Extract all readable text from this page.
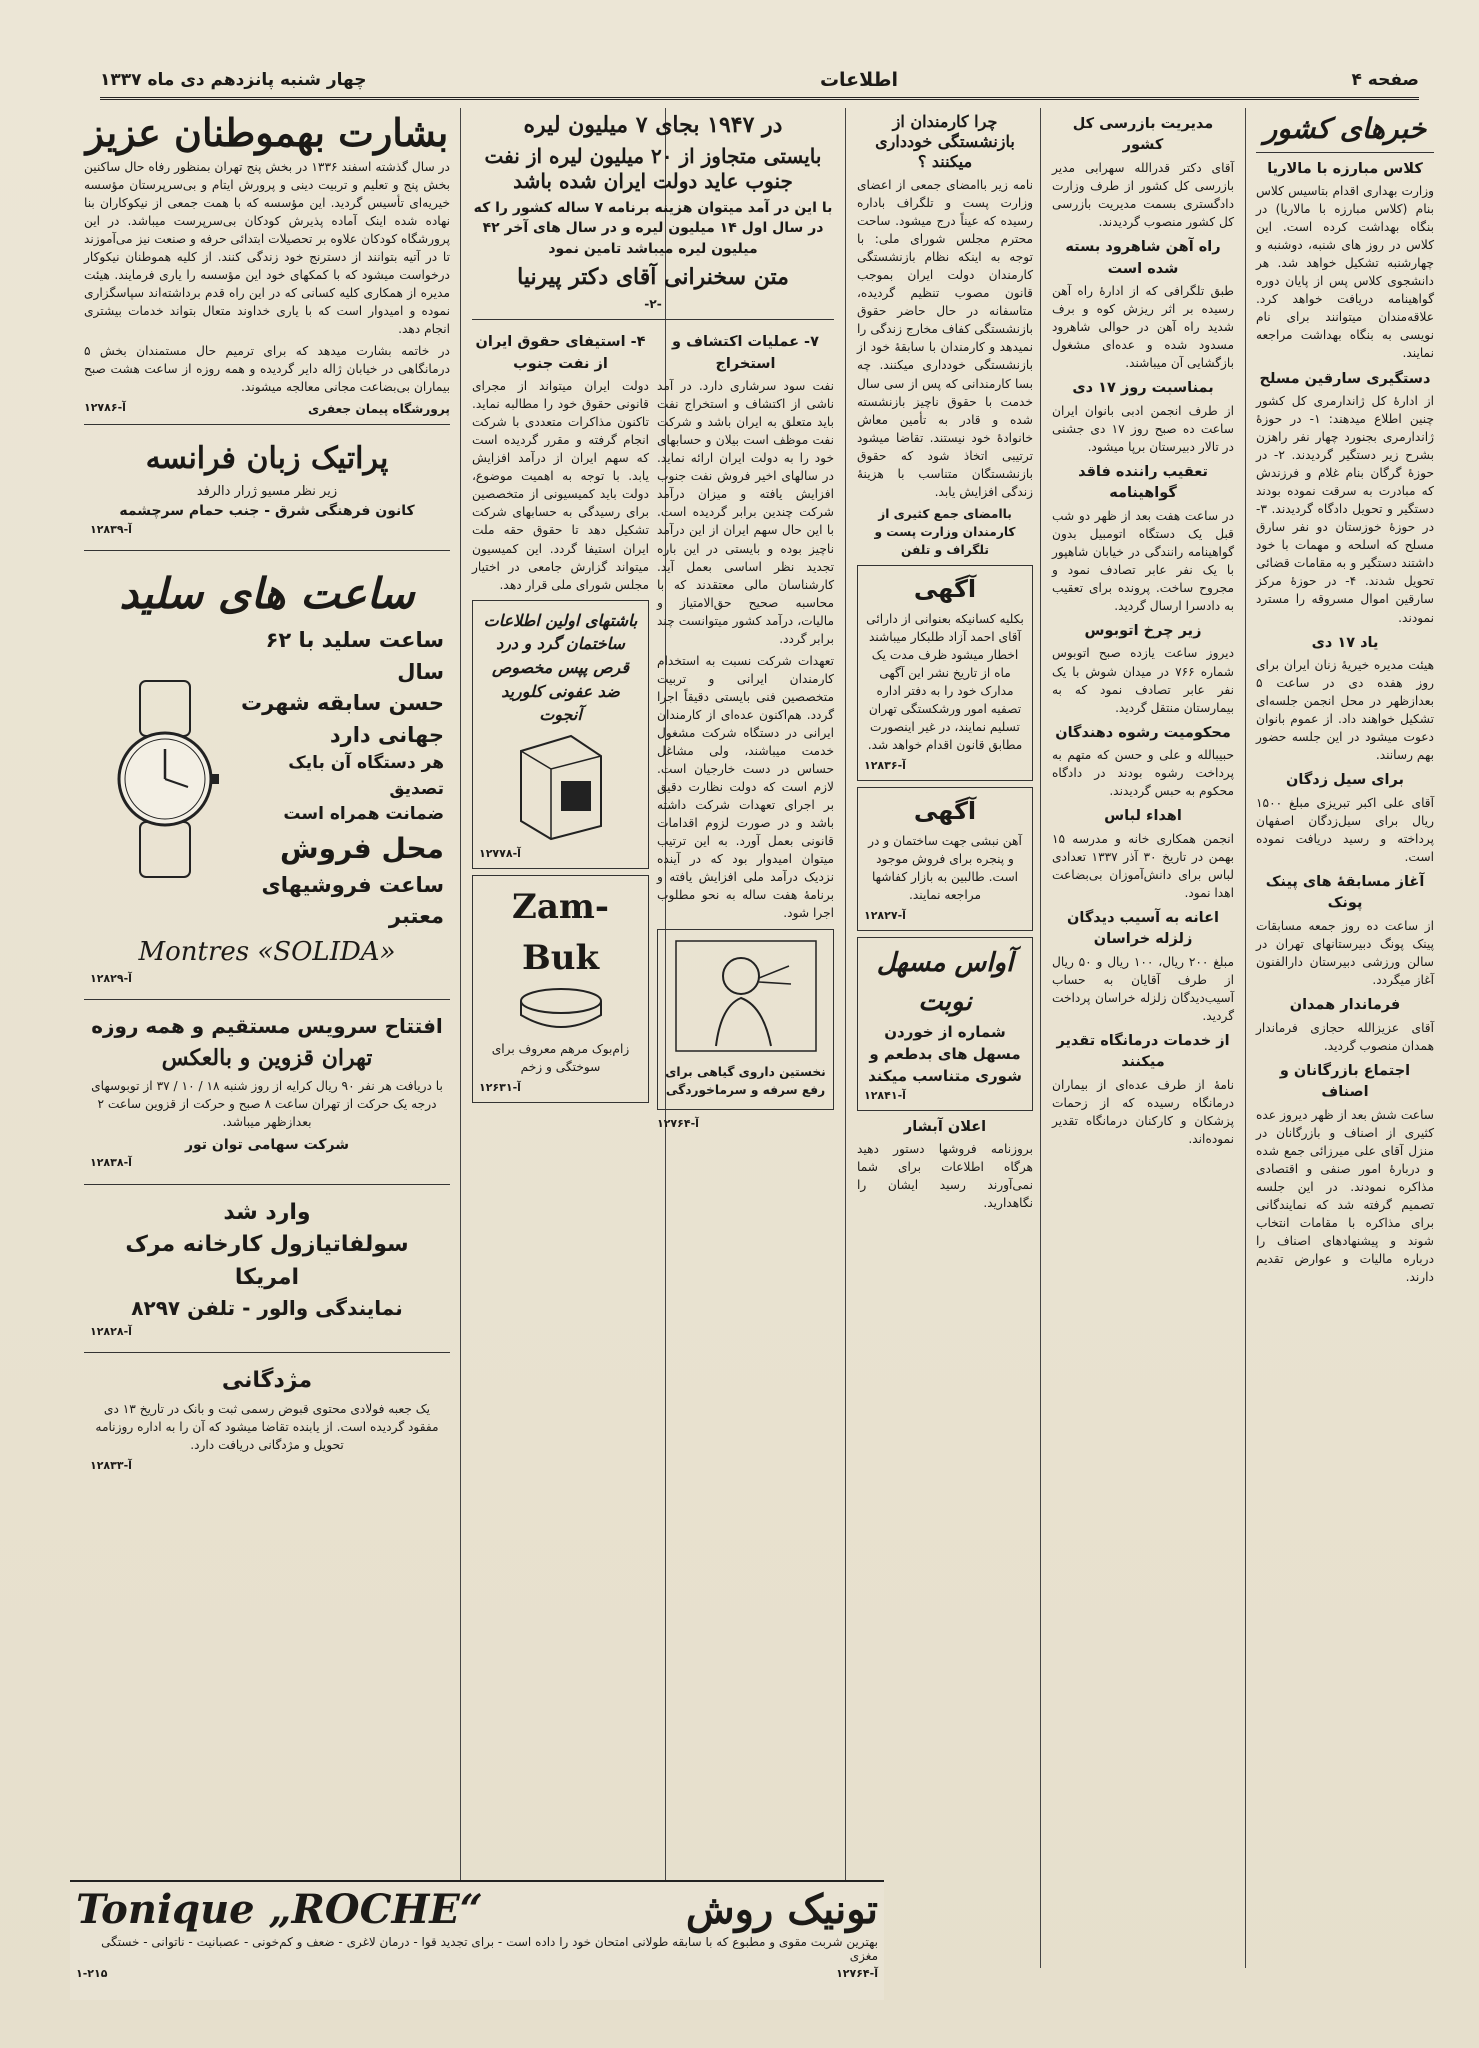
صفحه ۴
اطلاعات
چهار شنبه پانزدهم دی ماه ۱۳۳۷
خبرهای کشور
کلاس مبارزه با مالاریا

وزارت بهداری اقدام بتاسیس کلاس بنام (کلاس مبارزه با مالاریا) در بنگاه بهداشت کرده است. این کلاس در روز های شنبه، دوشنبه و چهارشنبه تشکیل خواهد شد. هر دانشجوی کلاس پس از پایان دوره گواهینامه دریافت خواهد کرد. علاقه‌مندان میتوانند برای نام نویسی به بنگاه بهداشت مراجعه نمایند.

دستگیری سارقین مسلح

از ادارهٔ کل ژاندارمری کل کشور چنین اطلاع میدهند: ۱- در حوزهٔ ژاندارمری بجنورد چهار نفر راهزن بشرح زیر دستگیر گردیدند. ۲- در حوزهٔ گرگان بنام غلام و فرزندش که مبادرت به سرقت نموده بودند دستگیر و تحویل دادگاه گردیدند. ۳- در حوزهٔ خوزستان دو نفر سارق مسلح که اسلحه و مهمات با خود داشتند دستگیر و به مقامات قضائی تحویل شدند. ۴- در حوزهٔ مرکز سارقین اموال مسروقه را مسترد نمودند.

یاد ۱۷ دی

هیئت مدیره خیریهٔ زنان ایران برای روز هفده دی در ساعت ۵ بعدازظهر در محل انجمن جلسه‌ای تشکیل خواهند داد. از عموم بانوان دعوت میشود در این جلسه حضور بهم رسانند.

برای سیل زدگان

آقای علی اکبر تبریزی مبلغ ۱۵۰۰ ریال برای سیل‌زدگان اصفهان پرداخته و رسید دریافت نموده است.

آغاز مسابقهٔ های پینک پونک

از ساعت ده روز جمعه مسابقات پینک پونگ دبیرستانهای تهران در سالن ورزشی دبیرستان دارالفنون آغاز میگردد.

فرماندار همدان

آقای عزیزالله حجازی فرماندار همدان منصوب گردید.

اجتماع بازرگانان و اصناف

ساعت شش بعد از ظهر دیروز عده کثیری از اصناف و بازرگانان در منزل آقای علی میرزائی جمع شده و دربارهٔ امور صنفی و اقتصادی مذاکره نمودند. در این جلسه تصمیم گرفته شد که نمایندگانی برای مذاکره با مقامات انتخاب شوند و پیشنهادهای اصناف را درباره مالیات و عوارض تقدیم دارند.

مدیریت بازرسی کل کشور

آقای دکتر قدرالله سهرابی مدیر بازرسی کل کشور از طرف وزارت دادگستری بسمت مدیریت بازرسی کل کشور منصوب گردیدند.

راه آهن شاهرود بسته شده است

طبق تلگرافی که از ادارهٔ راه آهن رسیده بر اثر ریزش کوه و برف شدید راه آهن در حوالی شاهرود مسدود شده و عده‌ای مشغول بازگشایی آن میباشند.

بمناسبت روز ۱۷ دی

از طرف انجمن ادبی بانوان ایران ساعت ده صبح روز ۱۷ دی جشنی در تالار دبیرستان برپا میشود.

تعقیب راننده فاقد گواهینامه

در ساعت هفت بعد از ظهر دو شب قبل یک دستگاه اتومبیل بدون گواهینامه رانندگی در خیابان شاهپور با یک نفر عابر تصادف نمود و مجروح ساخت. پرونده برای تعقیب به دادسرا ارسال گردید.

زیر چرخ اتوبوس

دیروز ساعت یازده صبح اتوبوس شماره ۷۶۶ در میدان شوش با یک نفر عابر تصادف نمود که به بیمارستان منتقل گردید.

محکومیت رشوه دهندگان

حبیبالله و علی و حسن که متهم به پرداخت رشوه بودند در دادگاه محکوم به حبس گردیدند.

اهداء لباس

انجمن همکاری خانه و مدرسه ۱۵ بهمن در تاریخ ۳۰ آذر ۱۳۳۷ تعدادی لباس برای دانش‌آموزان بی‌بضاعت اهدا نمود.

اعانه به آسیب دیدگان زلزله خراسان

مبلغ ۲۰۰ ریال، ۱۰۰ ریال و ۵۰ ریال از طرف آقایان به حساب آسیب‌دیدگان زلزله خراسان پرداخت گردید.

از خدمات درمانگاه تقدیر میکنند

نامهٔ از طرف عده‌ای از بیماران درمانگاه رسیده که از زحمات پزشکان و کارکنان درمانگاه تقدیر نموده‌اند.

چرا کارمندان از بازنشستگی خودداری میکنند ؟

نامه زیر باامضای جمعی از اعضای وزارت پست و تلگراف باداره رسیده که عیناً درج میشود. ساحت محترم مجلس شورای ملی: با توجه به اینکه نظام بازنشستگی کارمندان دولت ایران بموجب قانون مصوب تنظیم گردیده، متاسفانه در حال حاضر حقوق بازنشستگی کفاف مخارج زندگی را نمیدهد و کارمندان با سابقهٔ خود از بازنشستگی خودداری میکنند. چه بسا کارمندانی که پس از سی سال خدمت با حقوق ناچیز بازنشسته شده و قادر به تأمین معاش خانوادهٔ خود نیستند. تقاضا میشود ترتیبی اتخاذ شود که حقوق بازنشستگان متناسب با هزینهٔ زندگی افزایش یابد.

باامضای جمع کثیری از کارمندان وزارت پست و تلگراف و تلفن

آگهی

بکلیه کسانیکه بعنوانی از دارائی آقای احمد آزاد طلبکار میباشند اخطار میشود ظرف مدت یک ماه از تاریخ نشر این آگهی مدارک خود را به دفتر اداره تصفیه امور ورشکستگی تهران تسلیم نمایند، در غیر اینصورت مطابق قانون اقدام خواهد شد.

آ-۱۲۸۳۶
آگهی

آهن نبشی جهت ساختمان و در و پنجره برای فروش موجود است. طالبین به بازار کفاشها مراجعه نمایند.

آ-۱۲۸۲۷
آواس مسهل نوبت
شماره از خوردن مسهل های بدطعم و شوری متناسب میکند
آ-۱۲۸۴۱
اعلان آبشار

بروزنامه فروشها دستور دهید هرگاه اطلاعات برای شما نمی‌آورند رسید ایشان را نگاهدارید.

در ۱۹۴۷ بجای ۷ میلیون لیره
بایستی متجاوز از ۲۰ میلیون لیره از نفت جنوب عاید دولت ایران شده باشد

با این در آمد میتوان هزینه برنامه ۷ ساله کشور را که در سال اول ۱۴ میلیون لیره و در سال های آخر ۴۲ میلیون لیره میباشد تامین نمود

متن سخنرانی آقای دکتر پیرنیا
-۲-
۷- عملیات اکتشاف و استخراج

نفت سود سرشاری دارد. در آمد ناشی از اکتشاف و استخراج نفت باید متعلق به ایران باشد و شرکت نفت موظف است بیلان و حسابهای خود را به دولت ایران ارائه نماید. در سالهای اخیر فروش نفت جنوب افزایش یافته و میزان درآمد شرکت چندین برابر گردیده است. با این حال سهم ایران از این درآمد ناچیز بوده و بایستی در این باره تجدید نظر اساسی بعمل آید. کارشناسان مالی معتقدند که با محاسبه صحیح حق‌الامتیاز و مالیات، درآمد کشور میتوانست چند برابر گردد.

تعهدات شرکت نسبت به استخدام کارمندان ایرانی و تربیت متخصصین فنی بایستی دقیقاً اجرا گردد. هم‌اکنون عده‌ای از کارمندان ایرانی در دستگاه شرکت مشغول خدمت میباشند، ولی مشاغل حساس در دست خارجیان است. لازم است که دولت نظارت دقیق بر اجرای تعهدات شرکت داشته باشد و در صورت لزوم اقدامات قانونی بعمل آورد. به این ترتیب میتوان امیدوار بود که در آینده نزدیک درآمد ملی افزایش یافته و برنامهٔ هفت ساله به نحو مطلوب اجرا شود.

نخستین داروی گیاهی برای رفع سرفه و سرماخوردگی

آ-۱۲۷۶۴
۴- استیفای حقوق ایران از نفت جنوب

دولت ایران میتواند از مجرای قانونی حقوق خود را مطالبه نماید. تاکنون مذاکرات متعددی با شرکت انجام گرفته و مقرر گردیده است که سهم ایران از درآمد افزایش یابد. با توجه به اهمیت موضوع، دولت باید کمیسیونی از متخصصین برای رسیدگی به حسابهای شرکت تشکیل دهد تا حقوق حقه ملت ایران استیفا گردد. این کمیسیون میتواند گزارش جامعی در اختیار مجلس شورای ملی قرار دهد.

باشتهای اولین اطلاعات ساختمان گرد و درد قرص پپس مخصوص ضد عفونی کلورید آنجوت

آ-۱۲۷۷۸
Zam-Buk

زام‌بوک مرهم معروف برای سوختگی و زخم

آ-۱۲۶۳۱
بشارت بهموطنان عزیز

در سال گذشته اسفند ۱۳۳۶ در بخش پنج تهران بمنظور رفاه حال ساکنین بخش پنج و تعلیم و تربیت دینی و پرورش ایتام و بی‌سرپرستان مؤسسه خیریه‌ای تأسیس گردید. این مؤسسه که با همت جمعی از نیکوکاران بنا نهاده شده اینک آماده پذیرش کودکان بی‌سرپرست میباشد. در این پرورشگاه کودکان علاوه بر تحصیلات ابتدائی حرفه و صنعت نیز می‌آموزند تا در آتیه بتوانند از دسترنج خود زندگی کنند. از کلیه هموطنان نیکوکار درخواست میشود که با کمکهای خود این مؤسسه را یاری فرمایند. هیئت مدیره از همکاری کلیه کسانی که در این راه قدم برداشته‌اند سپاسگزاری نموده و امیدوار است که با یاری خداوند متعال بتواند خدمات بیشتری انجام دهد.

در خاتمه بشارت میدهد که برای ترمیم حال مستمندان بخش ۵ درمانگاهی در خیابان ژاله دایر گردیده و همه روزه از ساعت هشت صبح بیماران بی‌بضاعت مجانی معالجه میشوند.

پرورشگاه پیمان جعفری
آ-۱۲۷۸۶
پراتیک زبان فرانسه
زیر نظر مسیو ژرار دالرفد
کانون فرهنگی شرق - جنب حمام سرچشمه
آ-۱۲۸۳۹
ساعت های سلید
ساعت سلید با ۶۲ سال
حسن سابقه شهرت
جهانی دارد
هر دستگاه آن بایک تصدیق
ضمانت همراه است
محل فروش
ساعت فروشیهای معتبر
Montres «SOLIDA»
آ-۱۲۸۲۹
افتتاح سرویس مستقیم و همه روزه
تهران قزوین و بالعکس

با دریافت هر نفر ۹۰ ریال کرایه از روز شنبه ۱۸ / ۱۰ / ۳۷ از توبوسهای درجه یک حرکت از تهران ساعت ۸ صبح و حرکت از قزوین ساعت ۲ بعدازظهر میباشد.

شرکت سهامی توان تور
آ-۱۲۸۳۸
وارد شد
سولفاتیازول کارخانه مرک امریکا
نمایندگی والور - تلفن ۸۲۹۷
آ-۱۲۸۲۸
مژدگانی

یک جعبه فولادی محتوی قبوض رسمی ثبت و بانک در تاریخ ۱۳ دی مفقود گردیده است. از یابنده تقاضا میشود که آن را به اداره روزنامه تحویل و مژدگانی دریافت دارد.

آ-۱۲۸۳۳
تونیک روش
Tonique „ROCHE“

بهترین شربت مقوی و مطبوع که با سابقه طولانی امتحان خود را داده است - برای تجدید قوا - درمان لاغری - ضعف و کم‌خونی - عصبانیت - ناتوانی - خستگی مغزی

آ-۱۲۷۶۴
۱-۲۱۵
